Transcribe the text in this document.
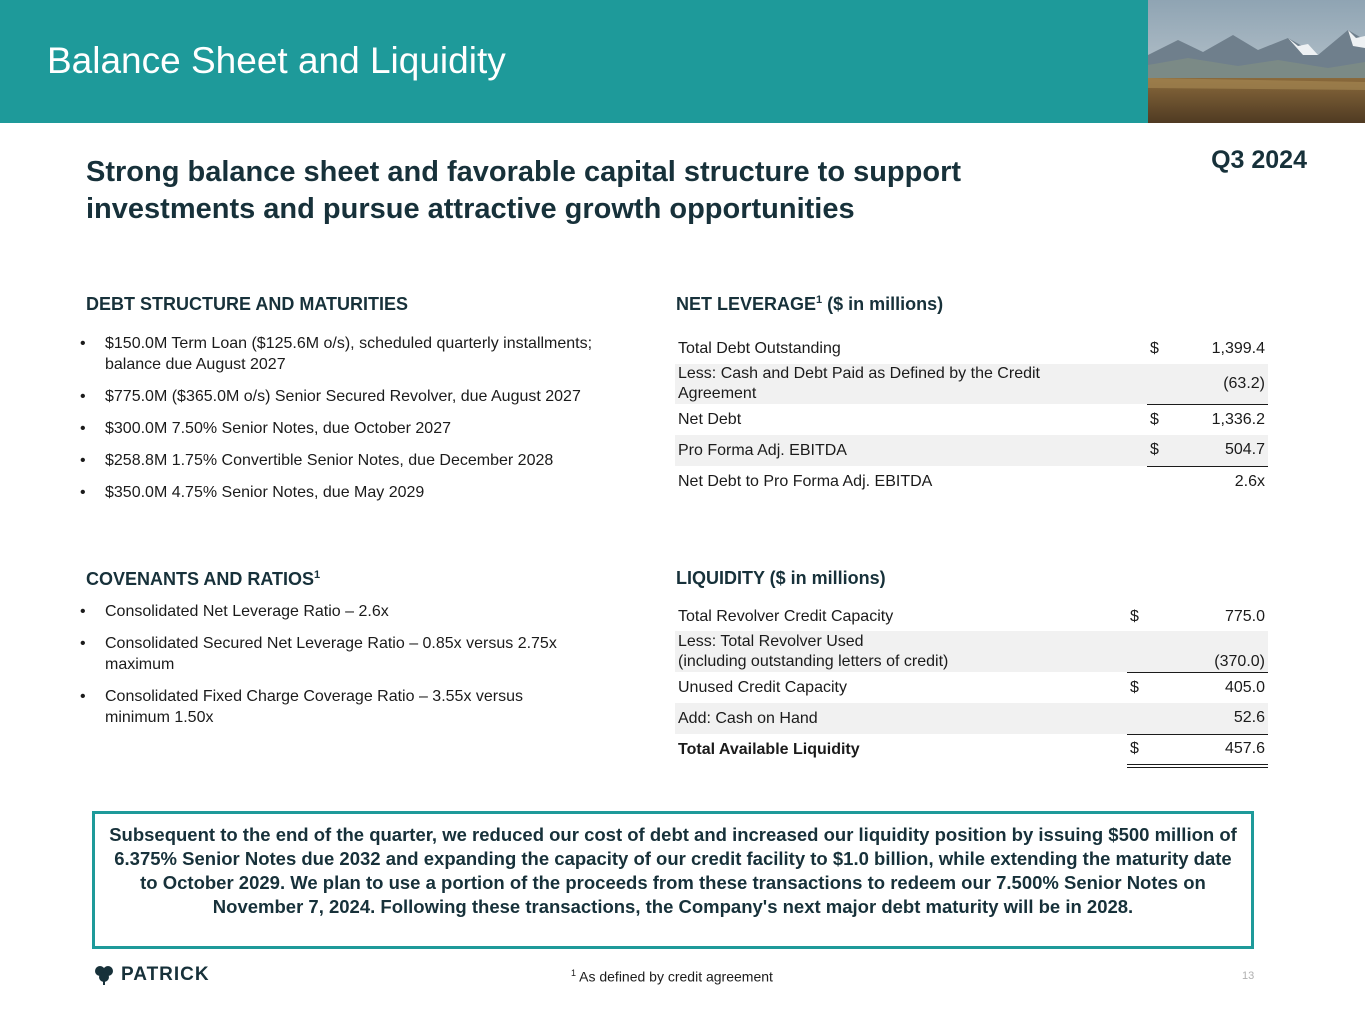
Balance Sheet and Liquidity
Q3 2024
Strong balance sheet and favorable capital structure to support investments and pursue attractive growth opportunities
DEBT STRUCTURE AND MATURITIES
• $150.0M Term Loan ($125.6M o/s), scheduled quarterly installments; balance due August 2027
• $775.0M ($365.0M o/s) Senior Secured Revolver, due August 2027
• $300.0M 7.50% Senior Notes, due October 2027
• $258.8M 1.75% Convertible Senior Notes, due December 2028
• $350.0M 4.75% Senior Notes, due May 2029
COVENANTS AND RATIOS$^1$
• Consolidated Net Leverage Ratio – 2.6x
• Consolidated Secured Net Leverage Ratio – 0.85x versus 2.75x maximum
• Consolidated Fixed Charge Coverage Ratio – 3.55x versus minimum 1.50x
NET LEVERAGE$^1$ ($ in millions)
Total Debt Outstanding		$	1,399.4
Less: Cash and Debt Paid as Defined by the Credit Agreement			(63.2)
Net Debt		$	1,336.2
Pro Forma Adj. EBITDA		$	504.7
Net Debt to Pro Forma Adj. EBITDA			2.6x
LIQUIDITY ($ in millions)
Total Revolver Credit Capacity		$	775.0

Less: Total Revolver Used
(including outstanding letters of credit)			(370.0)
Unused Credit Capacity		$	405.0
Add: Cash on Hand			52.6
Total Available Liquidity		$	457.6
Subsequent to the end of the quarter, we reduced our cost of debt and increased our liquidity position by issuing $500 million of 6.375% Senior Notes due 2032 and expanding the capacity of our credit facility to $1.0 billion, while extending the maturity date to October 2029. We plan to use a portion of the proceeds from these transactions to redeem our 7.500% Senior Notes on November 7, 2024. Following these transactions, the Company's next major debt maturity will be in 2028.
PATRICK	$^1$ As defined by credit agreement	13
